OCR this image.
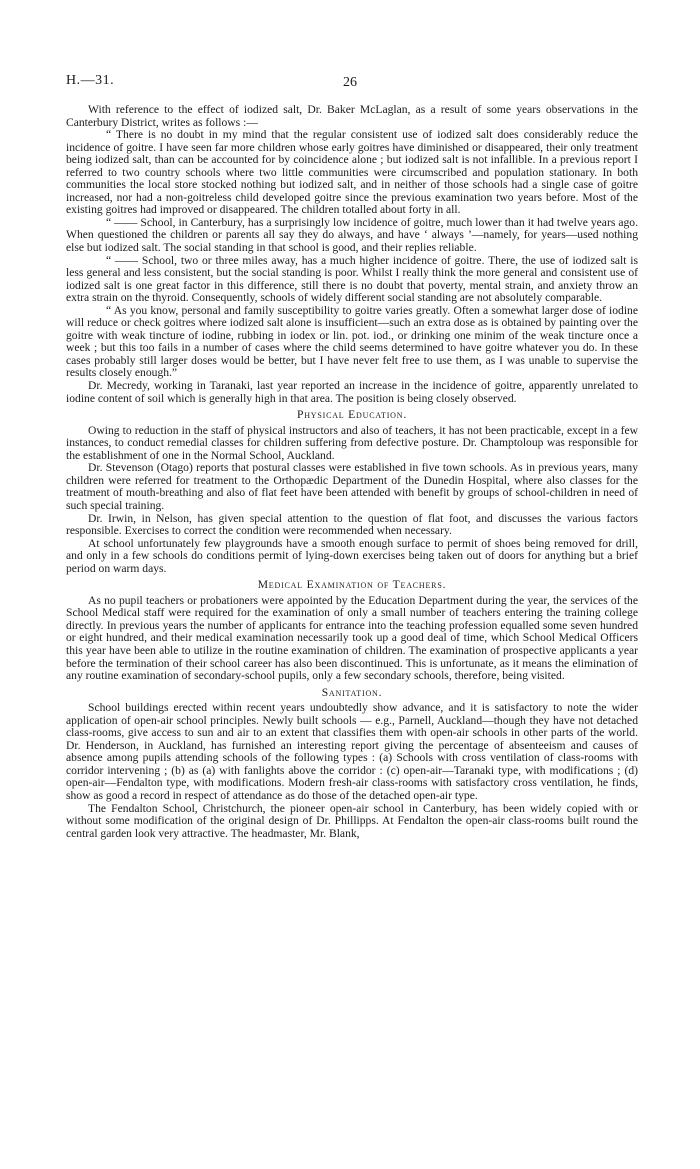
H.—31.	26

With reference to the effect of iodized salt, Dr. Baker McLaglan, as a result of some years observations in the Canterbury District, writes as follows :—

“ There is no doubt in my mind that the regular consistent use of iodized salt does considerably reduce the incidence of goitre. I have seen far more children whose early goitres have diminished or disappeared, their only treatment being iodized salt, than can be accounted for by coincidence alone ; but iodized salt is not infallible. In a previous report I referred to two country schools where two little communities were circumscribed and population stationary. In both communities the local store stocked nothing but iodized salt, and in neither of those schools had a single case of goitre increased, nor had a non-goitreless child developed goitre since the previous examination two years before. Most of the existing goitres had improved or disappeared. The children totalled about forty in all.

“ —— School, in Canterbury, has a surprisingly low incidence of goitre, much lower than it had twelve years ago. When questioned the children or parents all say they do always, and have ‘ always ’—namely, for years—used nothing else but iodized salt. The social standing in that school is good, and their replies reliable.

“ —— School, two or three miles away, has a much higher incidence of goitre. There, the use of iodized salt is less general and less consistent, but the social standing is poor. Whilst I really think the more general and consistent use of iodized salt is one great factor in this difference, still there is no doubt that poverty, mental strain, and anxiety throw an extra strain on the thyroid. Consequently, schools of widely different social standing are not absolutely comparable.

“ As you know, personal and family susceptibility to goitre varies greatly. Often a somewhat larger dose of iodine will reduce or check goitres where iodized salt alone is insufficient—such an extra dose as is obtained by painting over the goitre with weak tincture of iodine, rubbing in iodex or lin. pot. iod., or drinking one minim of the weak tincture once a week ; but this too fails in a number of cases where the child seems determined to have goitre whatever you do. In these cases probably still larger doses would be better, but I have never felt free to use them, as I was unable to supervise the results closely enough.”

Dr. Mecredy, working in Taranaki, last year reported an increase in the incidence of goitre, apparently unrelated to iodine content of soil which is generally high in that area. The position is being closely observed.

Physical Education.

Owing to reduction in the staff of physical instructors and also of teachers, it has not been practicable, except in a few instances, to conduct remedial classes for children suffering from defective posture. Dr. Champtoloup was responsible for the establishment of one in the Normal School, Auckland.

Dr. Stevenson (Otago) reports that postural classes were established in five town schools. As in previous years, many children were referred for treatment to the Orthopædic Department of the Dunedin Hospital, where also classes for the treatment of mouth-breathing and also of flat feet have been attended with benefit by groups of school-children in need of such special training.

Dr. Irwin, in Nelson, has given special attention to the question of flat foot, and discusses the various factors responsible. Exercises to correct the condition were recommended when necessary.

At school unfortunately few playgrounds have a smooth enough surface to permit of shoes being removed for drill, and only in a few schools do conditions permit of lying-down exercises being taken out of doors for anything but a brief period on warm days.

Medical Examination of Teachers.

As no pupil teachers or probationers were appointed by the Education Department during the year, the services of the School Medical staff were required for the examination of only a small number of teachers entering the training college directly. In previous years the number of applicants for entrance into the teaching profession equalled some seven hundred or eight hundred, and their medical examination necessarily took up a good deal of time, which School Medical Officers this year have been able to utilize in the routine examination of children. The examination of prospective applicants a year before the termination of their school career has also been discontinued. This is unfortunate, as it means the elimination of any routine examination of secondary-school pupils, only a few secondary schools, therefore, being visited.

Sanitation.

School buildings erected within recent years undoubtedly show advance, and it is satisfactory to note the wider application of open-air school principles. Newly built schools — e.g., Parnell, Auckland—though they have not detached class-rooms, give access to sun and air to an extent that classifies them with open-air schools in other parts of the world. Dr. Henderson, in Auckland, has furnished an interesting report giving the percentage of absenteeism and causes of absence among pupils attending schools of the following types : (a) Schools with cross ventilation of class-rooms with corridor intervening ; (b) as (a) with fanlights above the corridor : (c) open-air—Taranaki type, with modifications ; (d) open-air—Fendalton type, with modifications. Modern fresh-air class-rooms with satisfactory cross ventilation, he finds, show as good a record in respect of attendance as do those of the detached open-air type.

The Fendalton School, Christchurch, the pioneer open-air school in Canterbury, has been widely copied with or without some modification of the original design of Dr. Phillipps. At Fendalton the open-air class-rooms built round the central garden look very attractive. The headmaster, Mr. Blank,
